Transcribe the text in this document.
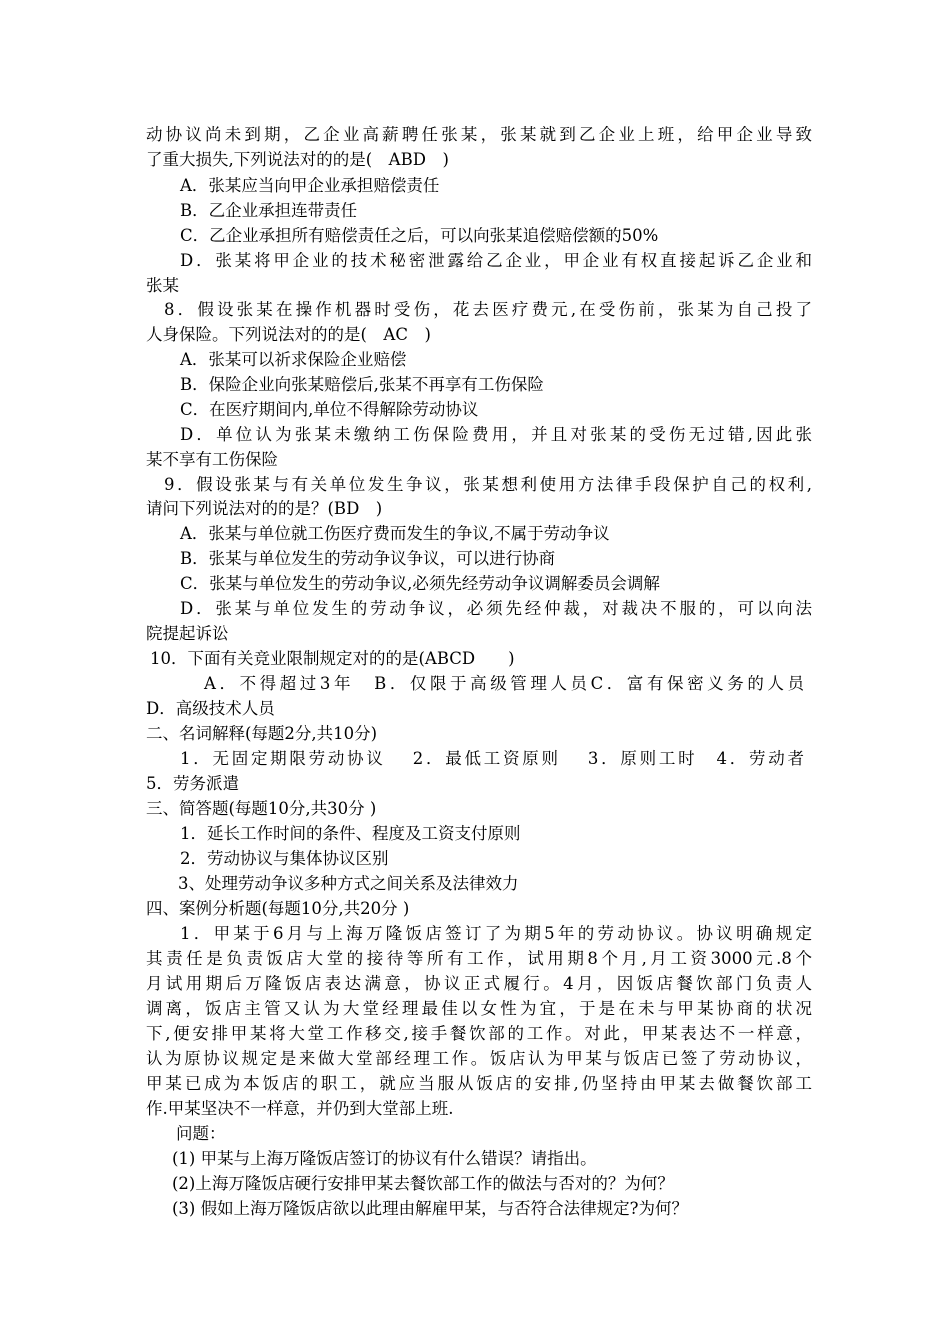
动协议尚未到期，乙企业高薪聘任张某，张某就到乙企业上班，给甲企业导致
了重大损失,下列说法对的的是(　ABD　)
A．张某应当向甲企业承担赔偿责任
B．乙企业承担连带责任
C．乙企业承担所有赔偿责任之后，可以向张某追偿赔偿额的50%
D．张某将甲企业的技术秘密泄露给乙企业，甲企业有权直接起诉乙企业和
张某
8．假设张某在操作机器时受伤，花去医疗费元,在受伤前，张某为自己投了
人身保险。下列说法对的的是(　AC　)
A．张某可以祈求保险企业赔偿
B．保险企业向张某赔偿后,张某不再享有工伤保险
C．在医疗期间内,单位不得解除劳动协议
D．单位认为张某未缴纳工伤保险费用，并且对张某的受伤无过错,因此张
某不享有工伤保险
9．假设张某与有关单位发生争议，张某想利使用方法律手段保护自己的权利,
请问下列说法对的的是？(BD　)
A．张某与单位就工伤医疗费而发生的争议,不属于劳动争议
B．张某与单位发生的劳动争议争议，可以进行协商
C．张某与单位发生的劳动争议,必须先经劳动争议调解委员会调解
D．张某与单位发生的劳动争议，必须先经仲裁，对裁决不服的，可以向法
院提起诉讼
10．下面有关竞业限制规定对的的是(ABCD　　)
A．不得超过3年　B．仅限于高级管理人员C．富有保密义务的人员
D．高级技术人员
二、名词解释(每题2分,共10分)
1．无固定期限劳动协议　 2．最低工资原则　 3．原则工时　4．劳动者
5．劳务派遣
三、简答题(每题10分,共30分 )
1．延长工作时间的条件、程度及工资支付原则
2．劳动协议与集体协议区别
3、处理劳动争议多种方式之间关系及法律效力
四、案例分析题(每题10分,共20分 )
1．甲某于6月与上海万隆饭店签订了为期5年的劳动协议。协议明确规定
其责任是负责饭店大堂的接待等所有工作，试用期8个月,月工资3000元.8个
月试用期后万隆饭店表达满意，协议正式履行。4月，因饭店餐饮部门负责人
调离，饭店主管又认为大堂经理最佳以女性为宜，于是在未与甲某协商的状况
下,便安排甲某将大堂工作移交,接手餐饮部的工作。对此，甲某表达不一样意，
认为原协议规定是来做大堂部经理工作。饭店认为甲某与饭店已签了劳动协议，
甲某已成为本饭店的职工，就应当服从饭店的安排,仍坚持由甲某去做餐饮部工
作.甲某坚决不一样意，并仍到大堂部上班.
问题：
(1) 甲某与上海万隆饭店签订的协议有什么错误？请指出。
(2)上海万隆饭店硬行安排甲某去餐饮部工作的做法与否对的？为何？
(3) 假如上海万隆饭店欲以此理由解雇甲某，与否符合法律规定?为何？
